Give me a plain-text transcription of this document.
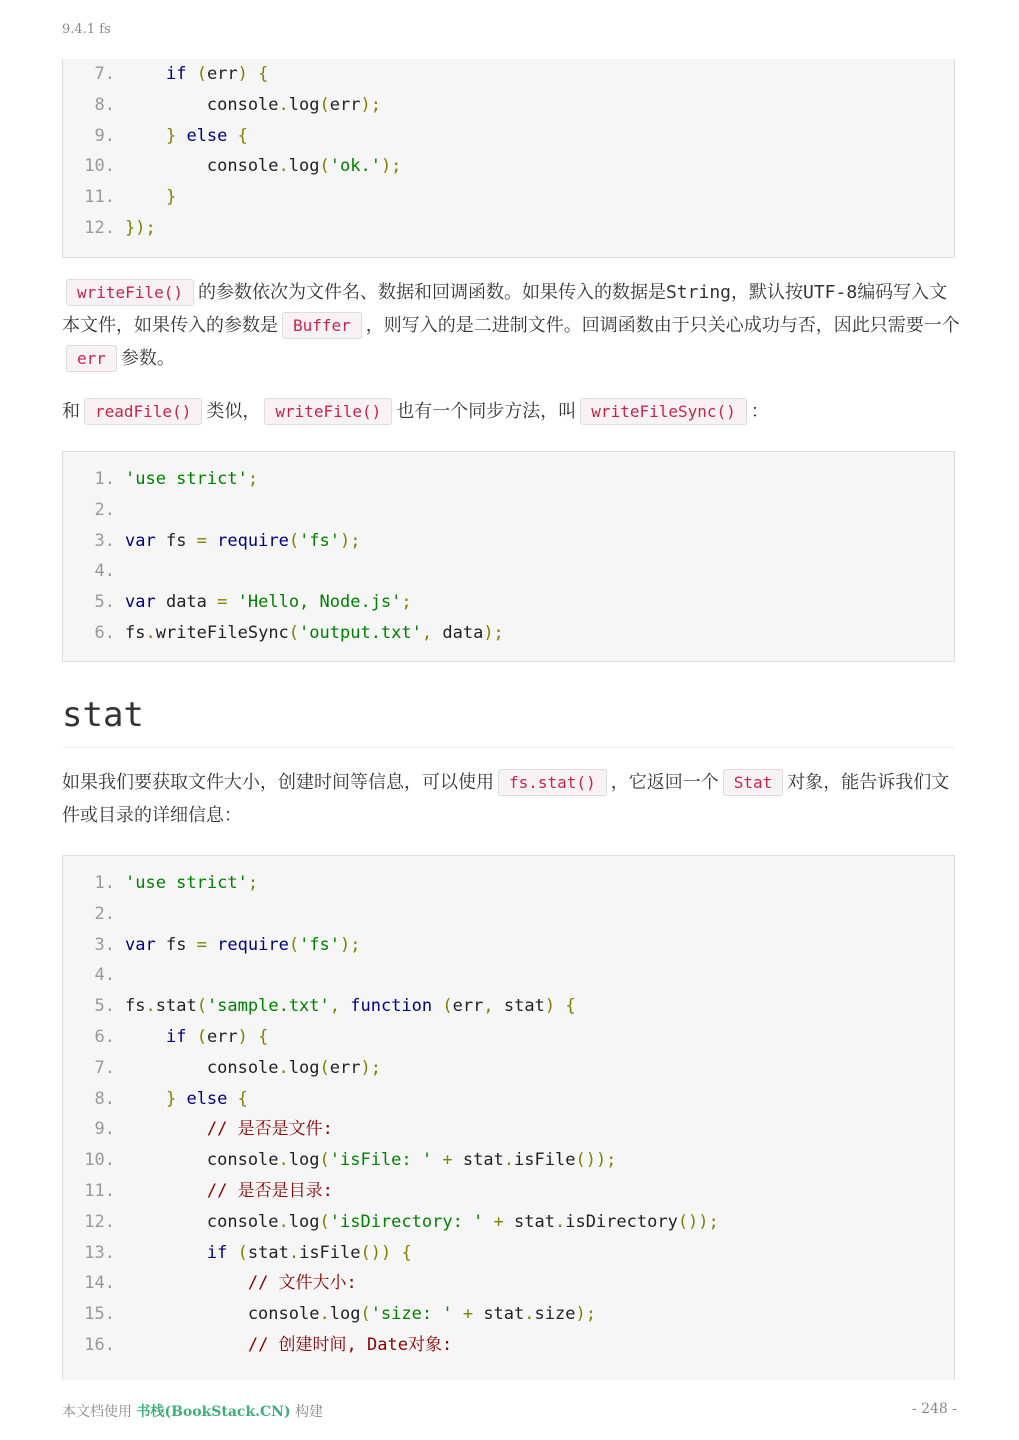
9.4.1 fs
7.	if (err) {
8. console.log(err);
9.	} else {
10. console.log('ok.');
11.	}
12. });
writeFile() 的参数依次为文件名、数据和回调函数。如果传入的数据是String，默认按UTF-8编码写入文本文件，如果传入的参数是 Buffer ，则写入的是二进制文件。回调函数由于只关心成功与否，因此只需要一个err 参数。
和 readFile() 类似， writeFile() 也有一个同步方法，叫 writeFileSync() ：
1. 'use strict';
2.
3. var fs = require('fs');
4.
5. var data = 'Hello, Node.js';
6. fs.writeFileSync('output.txt', data);
stat
如果我们要获取文件大小，创建时间等信息，可以使用 fs.stat() ，它返回一个 Stat 对象，能告诉我们文件或目录的详细信息：
1. 'use strict';
2.
3. var fs = require('fs');
4.
5. fs.stat('sample.txt', function (err, stat) {
6.	if (err) {
7. console.log(err);
8.	} else {
9.	// 是否是文件:
10. console.log('isFile: ' + stat.isFile());
11.	// 是否是目录:
12. console.log('isDirectory: ' + stat.isDirectory());
13.	if (stat.isFile()) {
14.	// 文件大小:
15. console.log('size: ' + stat.size);
16.	// 创建时间, Date对象:
本文档使用 书栈(BookStack.CN) 构建	- 248 -
